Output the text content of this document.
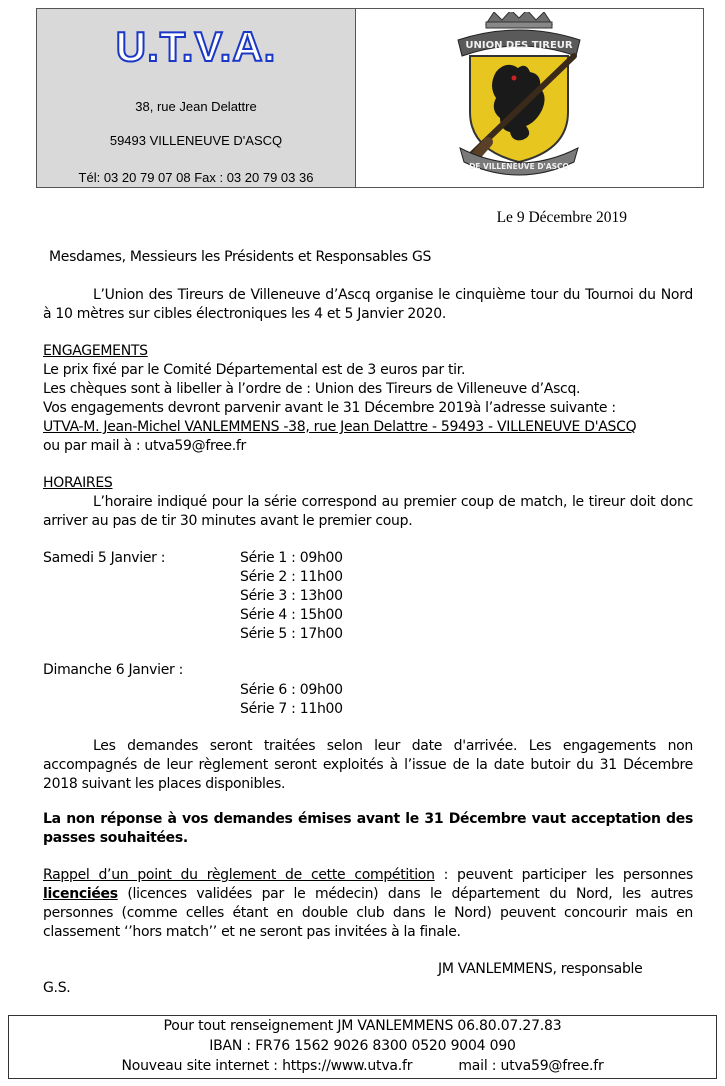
U.T.V.A.
38, rue Jean Delattre
59493 VILLENEUVE D'ASCQ
Tél: 03 20 79 07 08 Fax : 03 20 79 03 36
UNION DES TIREUR
DE VILLENEUVE D'ASCQ
Le 9 Décembre 2019
Mesdames, Messieurs les Présidents et Responsables GS
L’Union des Tireurs de Villeneuve d’Ascq organise le cinquième tour du Tournoi du Nord à 10 mètres sur cibles électroniques les 4 et 5 Janvier 2020.
ENGAGEMENTS
Le prix fixé par le Comité Départemental est de 3 euros par tir.
Les chèques sont à libeller à l’ordre de : Union des Tireurs de Villeneuve d’Ascq.
Vos engagements devront parvenir avant le 31 Décembre 2019à l’adresse suivante :
UTVA-M. Jean-Michel VANLEMMENS -38, rue Jean Delattre - 59493 - VILLENEUVE D'ASCQ
ou par mail à : utva59@free.fr
HORAIRES
L’horaire indiqué pour la série correspond au premier coup de match, le tireur doit donc arriver au pas de tir 30 minutes avant le premier coup.
Samedi 5 Janvier :	Série 1 : 09h00
Série 2 : 11h00
Série 3 : 13h00
Série 4 : 15h00
Série 5 : 17h00
Dimanche 6 Janvier :
Série 6 : 09h00
Série 7 : 11h00
Les demandes seront traitées selon leur date d'arrivée. Les engagements non accompagnés de leur règlement seront exploités à l’issue de la date butoir du 31 Décembre 2018 suivant les places disponibles.
La non réponse à vos demandes émises avant le 31 Décembre vaut acceptation des passes souhaitées.
Rappel d’un point du règlement de cette compétition : peuvent participer les personnes licenciées (licences validées par le médecin) dans le département du Nord, les autres personnes (comme celles étant en double club dans le Nord) peuvent concourir mais en classement ‘’hors match’’ et ne seront pas invitées à la finale.
JM VANLEMMENS, responsable
G.S.
Pour tout renseignement JM VANLEMMENS 06.80.07.27.83
IBAN : FR76 1562 9026 8300 0520 9004 090
Nouveau site internet : https://www.utva.fr	mail : utva59@free.fr
